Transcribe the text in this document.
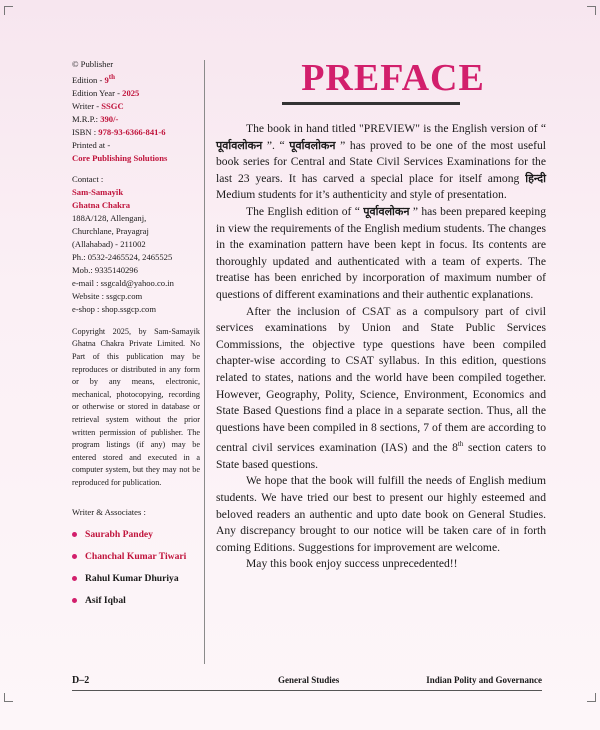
© Publisher
Edition - 9th
Edition Year - 2025
Writer - SSGC
M.R.P.: 390/-
ISBN : 978-93-6366-841-6
Printed at -
Core Publishing Solutions
Contact :
Sam-Samayik
Ghatna Chakra
188A/128, Allenganj,
Churchlane, Prayagraj
(Allahabad) - 211002
Ph.: 0532-2465524, 2465525
Mob.: 9335140296
e-mail : ssgcald@yahoo.co.in
Website : ssgcp.com
e-shop : shop.ssgcp.com
Copyright 2025, by Sam-Samayik Ghatna Chakra Private Limited. No Part of this publication may be reproduces or distributed in any form or by any means, electronic, mechanical, photocopying, recording or otherwise or stored in database or retrieval system without the prior written permission of publisher. The program listings (if any) may be entered stored and executed in a computer system, but they may not be reproduced for publication.
Writer & Associates :
Saurabh Pandey
Chanchal Kumar Tiwari
Rahul Kumar Dhuriya
Asif Iqbal
PREFACE

The book in hand titled "PREVIEW" is the English version of “ पूर्वावलोकन ”. “ पूर्वावलोकन ” has proved to be one of the most useful book series for Central and State Civil Services Examinations for the last 23 years. It has carved a special place for itself among हिन्दी Medium students for it’s authenticity and style of presentation.

The English edition of “ पूर्वावलोकन ” has been prepared keeping in view the requirements of the English medium students. The changes in the examination pattern have been kept in focus. Its contents are thoroughly updated and authenticated with a team of experts. The treatise has been enriched by incorporation of maximum number of questions of different examinations and their authentic explanations.

After the inclusion of CSAT as a compulsory part of civil services examinations by Union and State Public Services Commissions, the objective type questions have been compiled chapter-wise according to CSAT syllabus. In this edition, questions related to states, nations and the world have been compiled together. However, Geography, Polity, Science, Environment, Economics and State Based Questions find a place in a separate section. Thus, all the questions have been compiled in 8 sections, 7 of them are according to central civil services examination (IAS) and the 8th section caters to State based questions.

We hope that the book will fulfill the needs of English medium students. We have tried our best to present our highly esteemed and beloved readers an authentic and upto date book on General Studies. Any discrepancy brought to our notice will be taken care of in forth coming Editions. Suggestions for improvement are welcome.

May this book enjoy success unprecedented!!

D–2	General Studies	Indian Polity and Governance
